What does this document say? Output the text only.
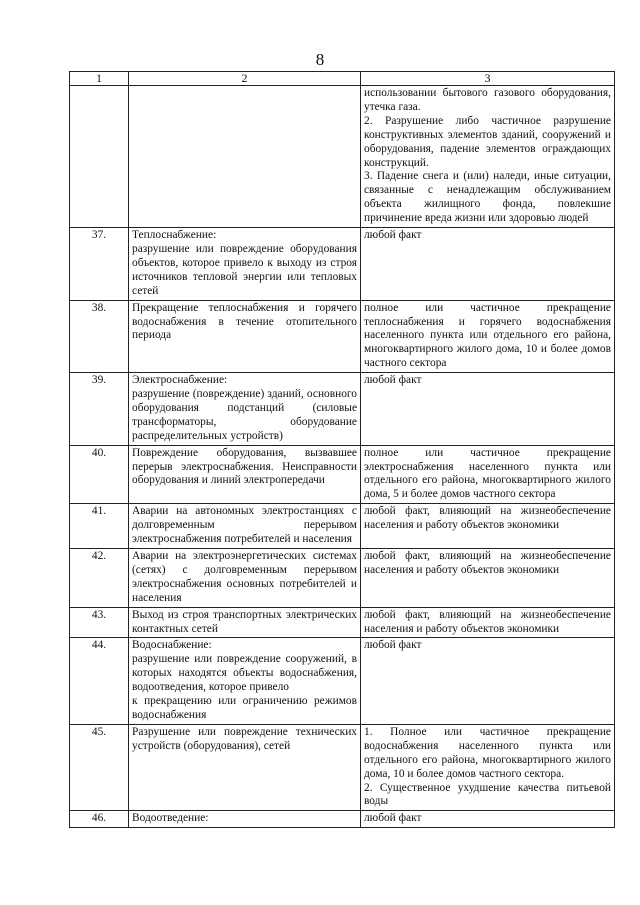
8
1	2	3

		использовании бытового газового оборудования, утечка газа.
2. Разрушение либо частичное разрушение конструктивных элементов зданий, сооружений и оборудования, падение элементов ограждающих конструкций.
3. Падение снега и (или) наледи, иные ситуации, связанные с ненадлежащим обслуживанием объекта жилищного фонда, повлекшие причинение вреда жизни или здоровью людей

37.	Теплоснабжение:
разрушение или повреждение оборудования объектов, которое привело к выходу из строя источников тепловой энергии или тепловых сетей	любой факт

38.	Прекращение теплоснабжения и горячего водоснабжения в течение отопительного периода	полное или частичное прекращение теплоснабжения и горячего водоснабжения населенного пункта или отдельного его района, многоквартирного жилого дома, 10 и более домов частного сектора

39.	Электроснабжение:
разрушение (повреждение) зданий, основного оборудования подстанций (силовые трансформаторы, оборудование распределительных устройств)	любой факт

40.	Повреждение оборудования, вызвавшее перерыв электроснабжения. Неисправности оборудования и линий электропередачи	полное или частичное прекращение электроснабжения населенного пункта или отдельного его района, многоквартирного жилого дома, 5 и более домов частного сектора

41.	Аварии на автономных электростанциях с долговременным перерывом электроснабжения потребителей и населения	любой факт, влияющий на жизнеобеспечение населения и работу объектов экономики

42.	Аварии на электроэнергетических системах (сетях) с долговременным перерывом электроснабжения основных потребителей и населения	любой факт, влияющий на жизнеобеспечение населения и работу объектов экономики

43.	Выход из строя транспортных электрических контактных сетей	любой факт, влияющий на жизнеобеспечение населения и работу объектов экономики

44.	Водоснабжение:
разрушение или повреждение сооружений, в которых находятся объекты водоснабжения, водоотведения, которое привело
к прекращению или ограничению режимов водоснабжения	любой факт

45.	Разрушение или повреждение технических устройств (оборудования), сетей	1. Полное или частичное прекращение водоснабжения населенного пункта или отдельного его района, многоквартирного жилого дома, 10 и более домов частного сектора.
2. Существенное ухудшение качества питьевой воды

46.	Водоотведение:	любой факт
